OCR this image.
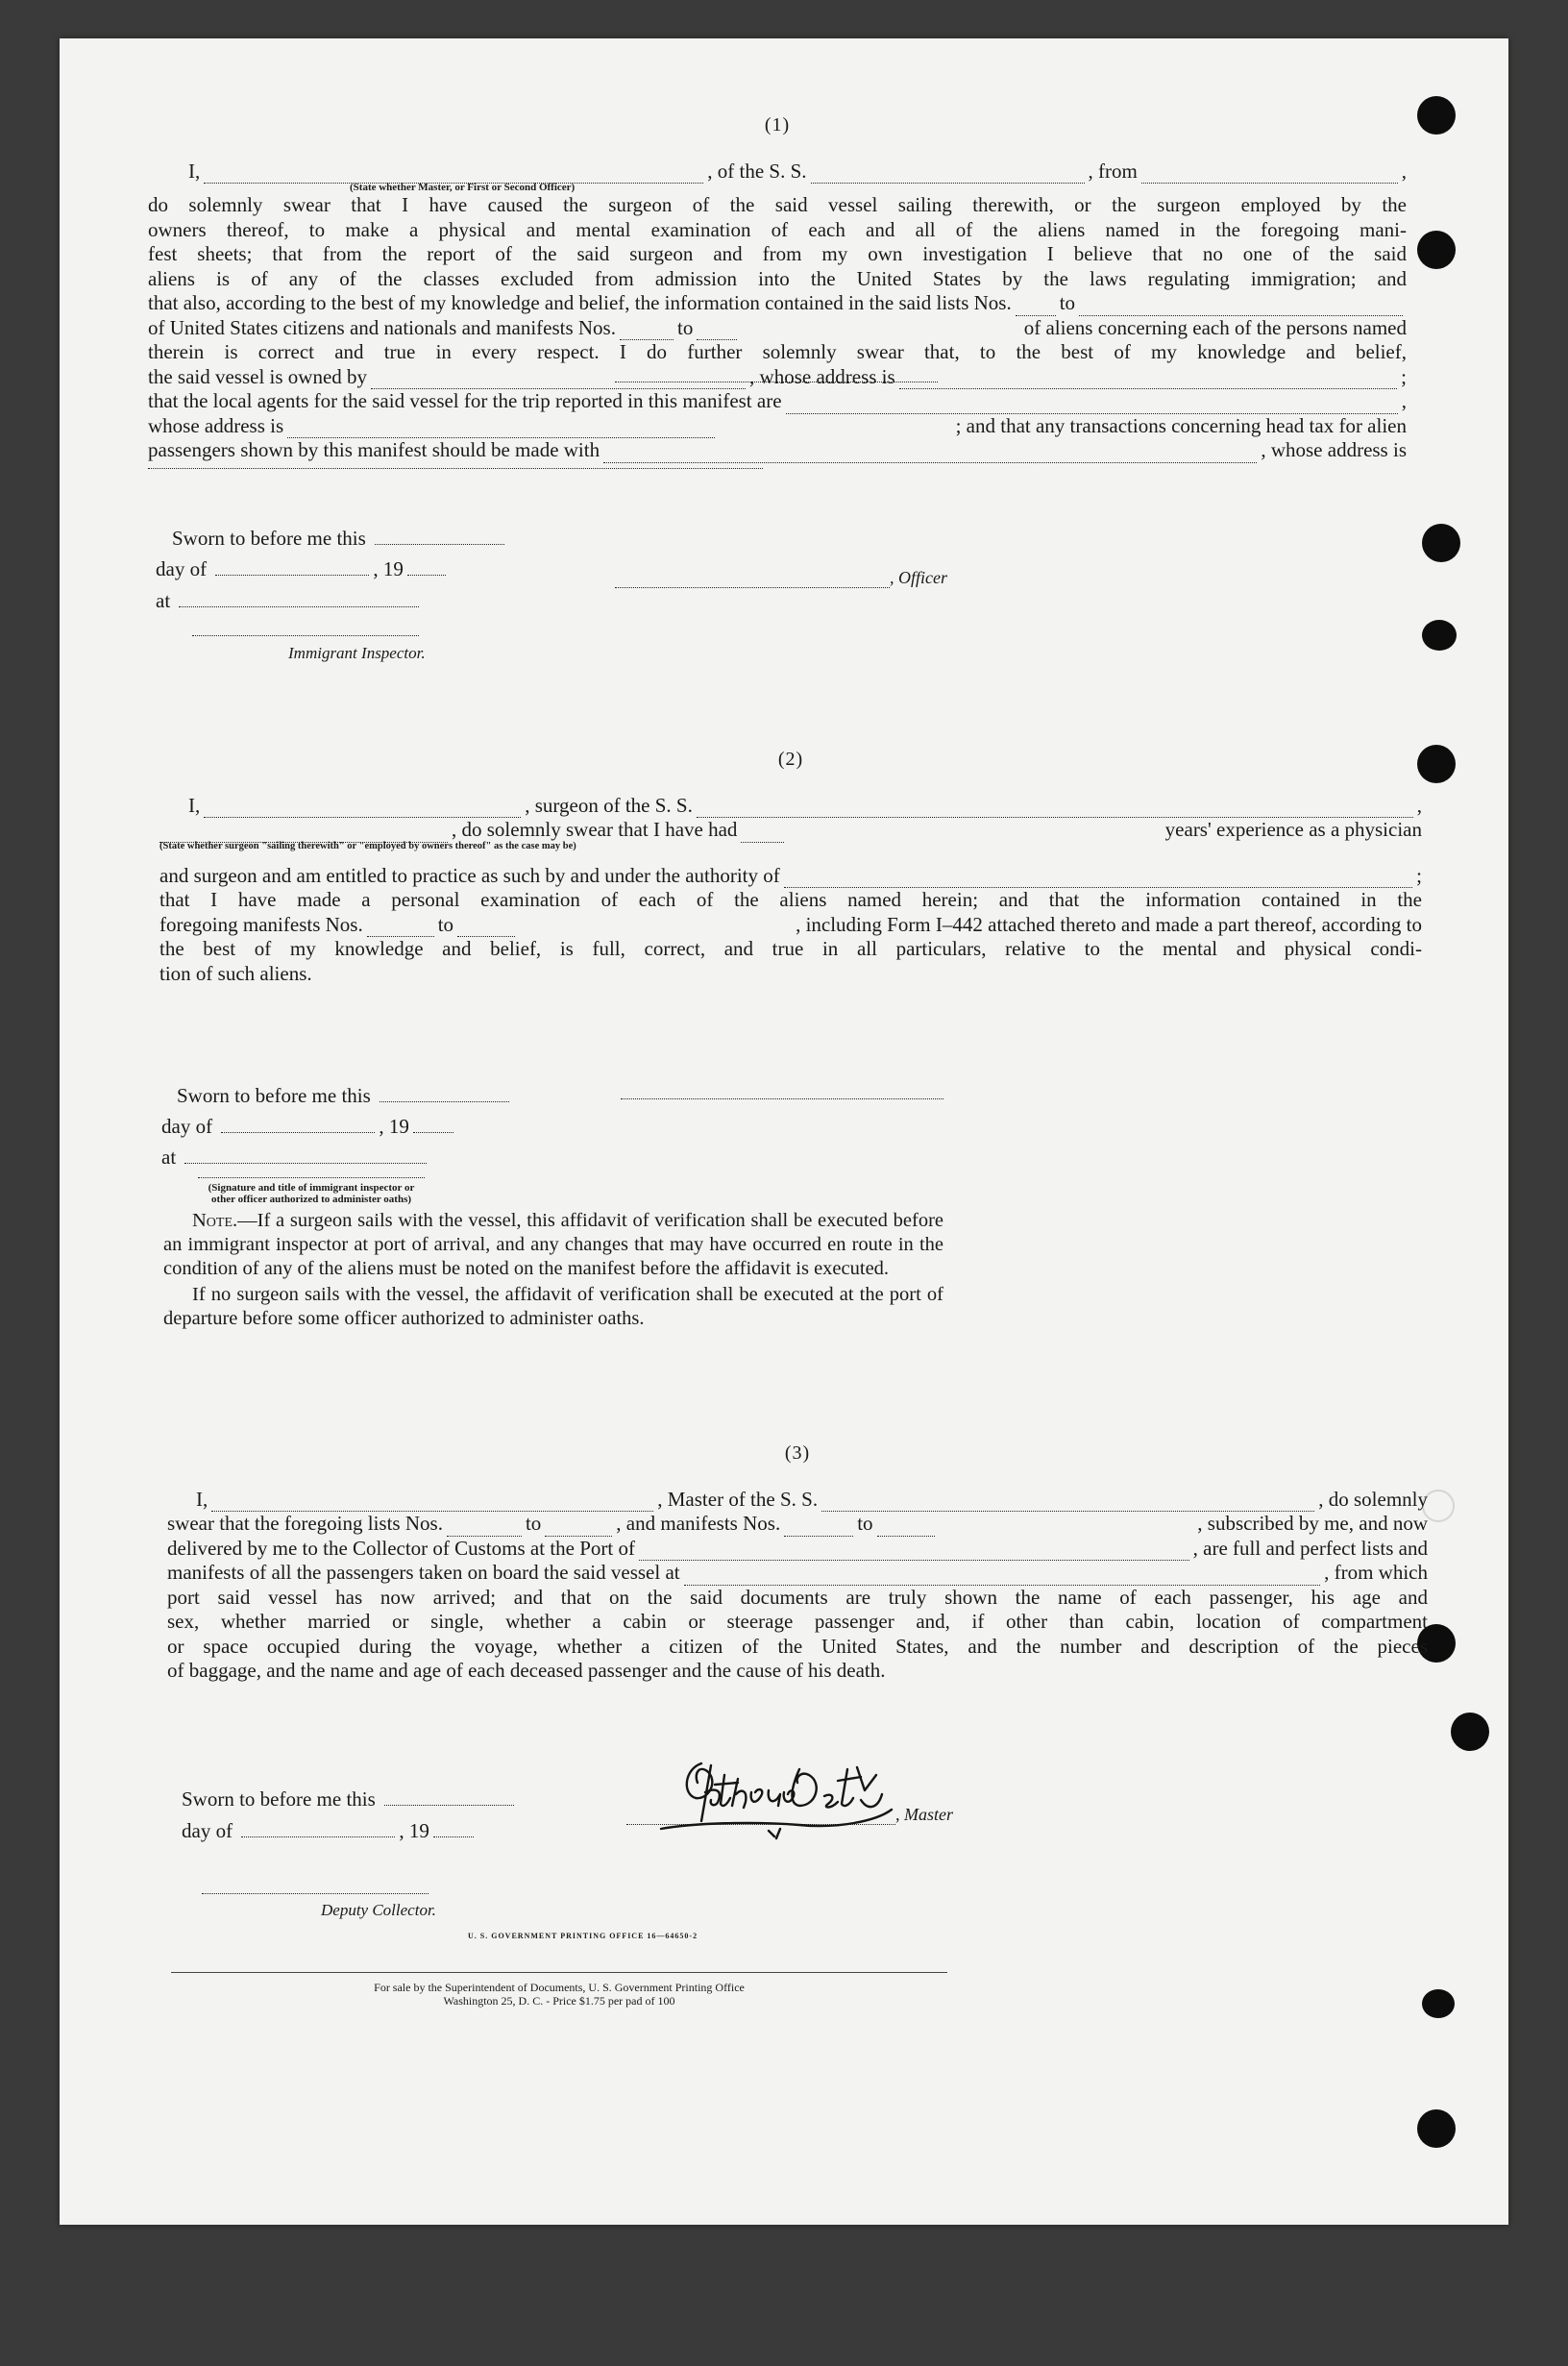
(1)
I,	, of the S. S.	, from	,
(State whether Master, or First or Second Officer)
do solemnly swear that I have caused the surgeon of the said vessel sailing therewith, or the surgeon employed by the
owners thereof, to make a physical and mental examination of each and all of the aliens named in the foregoing mani-
fest sheets; that from the report of the said surgeon and from my own investigation I believe that no one of the said
aliens is of any of the classes excluded from admission into the United States by the laws regulating immigration; and
that also, according to the best of my knowledge and belief, the information contained in the said lists Nos. to
of United States citizens and nationals and manifests Nos.	to	of aliens concerning each of the persons named
therein is correct and true in every respect. I do further solemnly swear that, to the best of my knowledge and belief,
the said vessel is owned by	, whose address is	;
that the local agents for the said vessel for the trip reported in this manifest are	,
whose address is	; and that any transactions concerning head tax for alien
passengers shown by this manifest should be made with	, whose address is
Sworn to before me this
day of	, 19	, Officer
at
Immigrant Inspector.
(2)
I,	, surgeon of the S. S.	,
, do solemnly swear that I have had	years' experience as a physician
(State whether surgeon "sailing therewith" or "employed by owners thereof" as the case may be)
and surgeon and am entitled to practice as such by and under the authority of	;
that I have made a personal examination of each of the aliens named herein; and that the information contained in the
foregoing manifests Nos.	to	, including Form I–442 attached thereto and made a part thereof, according to
the best of my knowledge and belief, is full, correct, and true in all particulars, relative to the mental and physical condi-
tion of such aliens.
Sworn to before me this
day of	, 19
at
(Signature and title of immigrant inspector or
other officer authorized to administer oaths)
Note.—If a surgeon sails with the vessel, this affidavit of verification shall be executed before an immigrant inspector at port of arrival, and any changes that may have occurred en route in the condition of any of the aliens must be noted on the manifest before the affidavit is executed.
If no surgeon sails with the vessel, the affidavit of verification shall be executed at the port of departure before some officer authorized to administer oaths.
(3)
I,	, Master of the S. S.	, do solemnly
swear that the foregoing lists Nos.	to	, and manifests Nos.	to	, subscribed by me, and now
delivered by me to the Collector of Customs at the Port of	, are full and perfect lists and
manifests of all the passengers taken on board the said vessel at	, from which
port said vessel has now arrived; and that on the said documents are truly shown the name of each passenger, his age and
sex, whether married or single, whether a cabin or steerage passenger and, if other than cabin, location of compartment
or space occupied during the voyage, whether a citizen of the United States, and the number and description of the pieces
of baggage, and the name and age of each deceased passenger and the cause of his death.
Sworn to before me this
, Master
day of	, 19
Deputy Collector.
U. S. GOVERNMENT PRINTING OFFICE 16—64650-2
For sale by the Superintendent of Documents, U. S. Government Printing Office
Washington 25, D. C. - Price $1.75 per pad of 100
